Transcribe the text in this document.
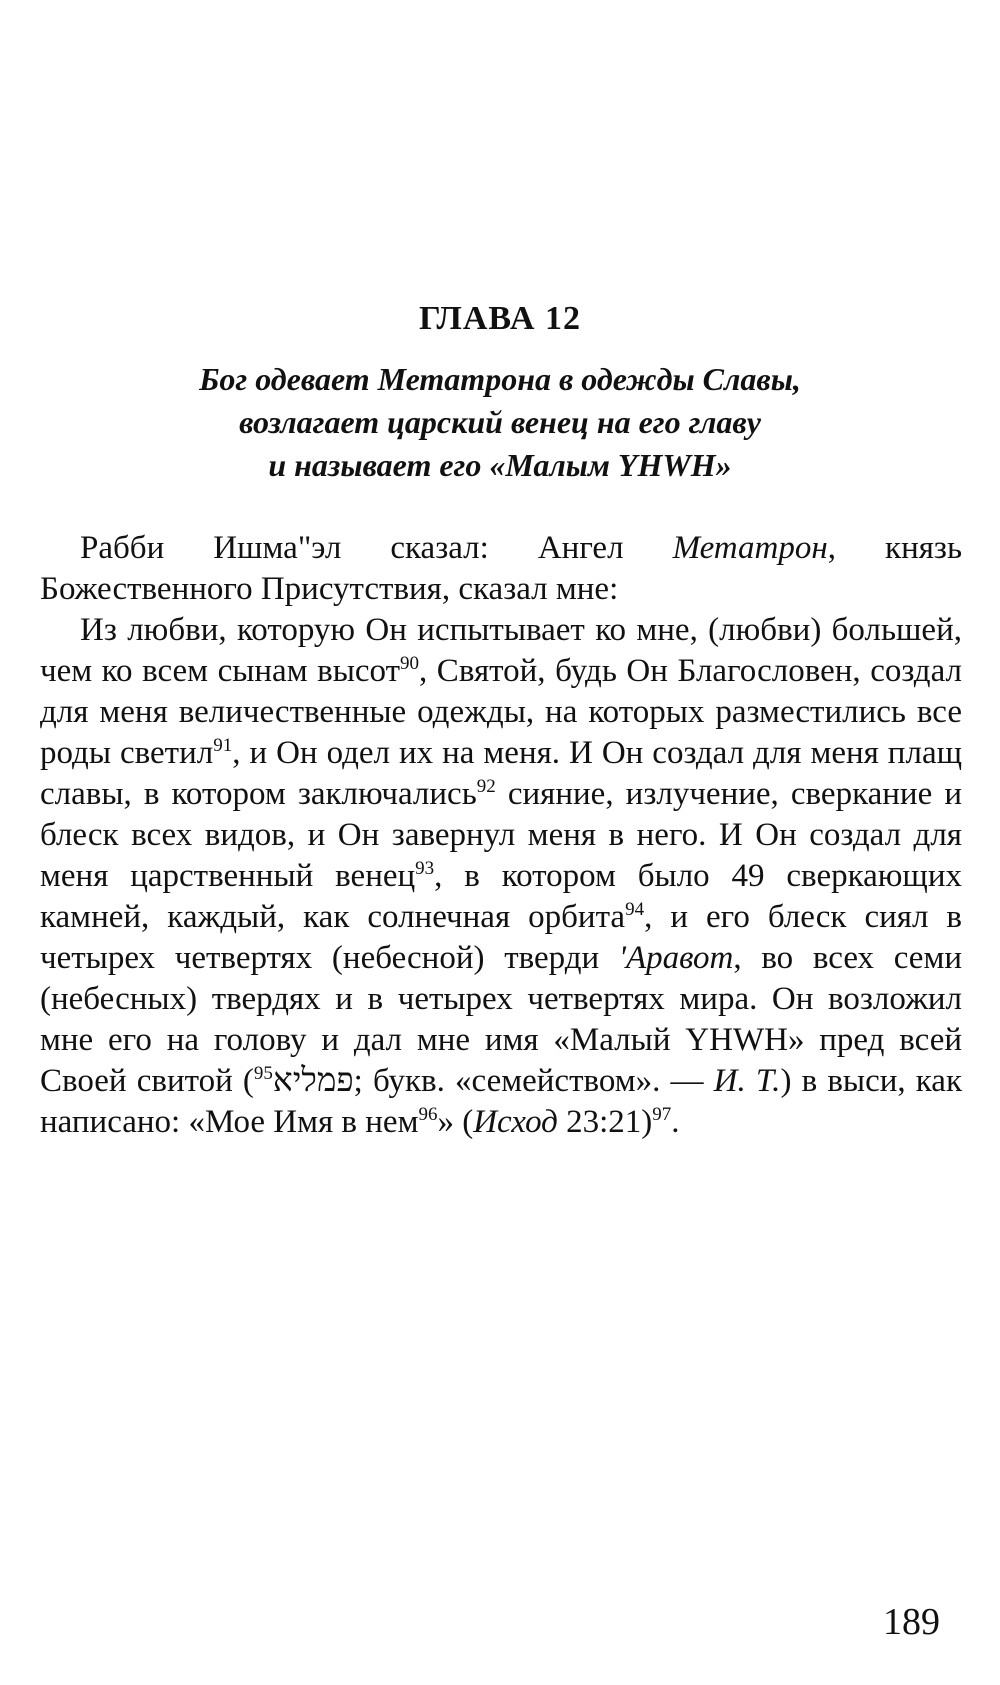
ГЛАВА 12
Бог одевает Метатрона в одежды Славы,
возлагает царский венец на его главу
и называет его «Малым YHWH»

Рабби Ишма"эл сказал: Ангел Метатрон, князь Божественного Присутствия, сказал мне:

Из любви, которую Он испытывает ко мне, (любви) большей, чем ко всем сынам высот$^{90}$, Святой, будь Он Благословен, создал для меня величественные одежды, на которых разместились все роды светил$^{91}$, и Он одел их на меня. И Он создал для меня плащ славы, в котором заключались$^{92}$ сияние, излучение, сверкание и блеск всех видов, и Он завернул меня в него. И Он создал для меня царственный венец$^{93}$, в котором было 49 сверкающих камней, каждый, как солнечная орбита$^{94}$, и его блеск сиял в четырех четвертях (небесной) тверди 'Аравот, во всех семи (небесных) твердях и в четырех четвертях мира. Он возложил мне его на голову и дал мне имя «Малый YHWH» пред всей Своей свитой ($^{95}$פמליא; букв. «семейством». — И. Т.) в выси, как написано: «Мое Имя в нем$^{96}$» (Исход 23:21)$^{97}$.

189
